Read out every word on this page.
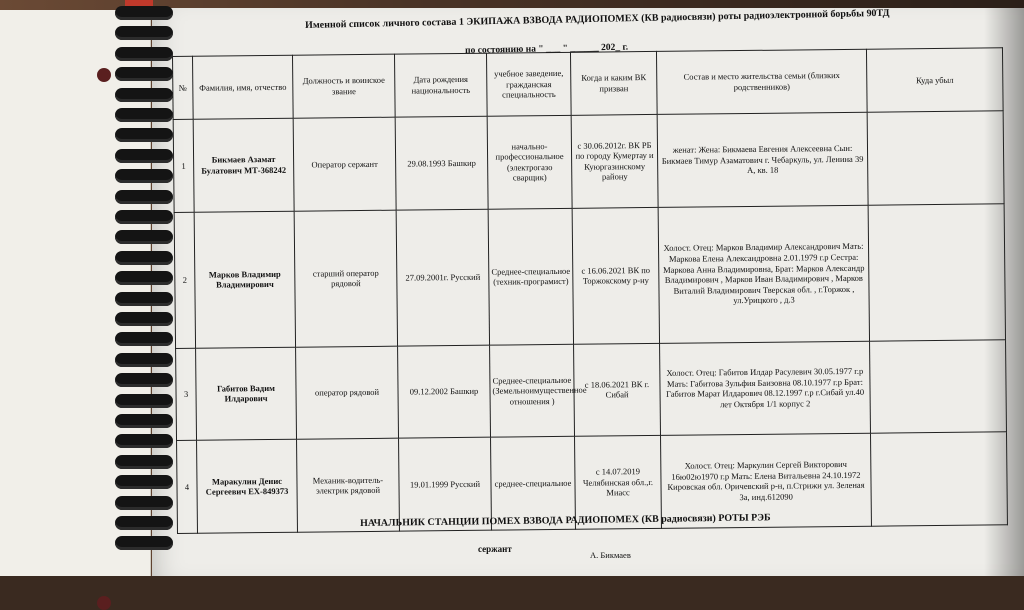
Именной список личного состава 1 ЭКИПАЖА ВЗВОДА РАДИОПОМЕХ (КВ радиосвязи) роты радиоэлектронной борьбы 90ТД
по состоянию на " ___ " ______ 202_ г.
№	Фамилия, имя, отчество	Должность и воинское звание	Дата рождения национальность	учебное заведение, гражданская специальность	Когда и каким ВК призван	Состав и место жительства семьи (близких родственников)	Куда убыл
1	Бикмаев Азамат Булатович МТ-368242	Оператор сержант	29.08.1993 Башкир	начально-профессиональное (электрогазо сварщик)	с 30.06.2012г. ВК РБ по городу Кумертау и Куюргазинскому району	женат: Жена: Бикмаева Евгения Алексеевна Сын: Бикмаев Тимур Азаматович г. Чебаркуль, ул. Ленина 39 А, кв. 18	
2	Марков Владимир Владимирович	старший оператор рядовой	27.09.2001г. Русский	Среднее-специальное (техник-програмист)	с 16.06.2021 ВК по Торжокскому р-ну	Холост. Отец: Марков Владимир Александрович Мать: Маркова Елена Александровна 2.01.1979 г.р Сестра: Маркова Анна Владимировна, Брат: Марков Александр Владимирович , Марков Иван Владимирович , Марков Виталий Владимирович Тверская обл. , г.Торжок , ул.Урицкого , д.3	
3	Габитов Вадим Илдарович	оператор рядовой	09.12.2002 Башкир	Среднее-специальное (Земельноимущественное отношения )	с 18.06.2021 ВК г. Сибай	Холост. Отец: Габитов Илдар Расулевич 30.05.1977 г.р Мать: Габитова Зульфия Баизовна 08.10.1977 г.р Брат: Габитов Марат Илдарович 08.12.1997 г.р г.Сибай ул.40 лет Октября 1/1 корпус 2	
4	Маракулин Денис Сергеевич ЕХ-849373	Механик-водитель-электрик рядовой	19.01.1999 Русский	среднее-специальное	с 14.07.2019 Челябинская обл.,г. Миасс	Холост. Отец: Маркулин Сергей Викторович 16ю02ю1970 г.р Мать: Елена Витальевна 24.10.1972 Кировская обл. Оричевский р-н, п.Стрижи ул. Зеленая 3а, инд.612090	
НАЧАЛЬНИК СТАНЦИИ ПОМЕХ ВЗВОДА РАДИОПОМЕХ (КВ радиосвязи) РОТЫ РЭБ
сержант
А. Бикмаев
